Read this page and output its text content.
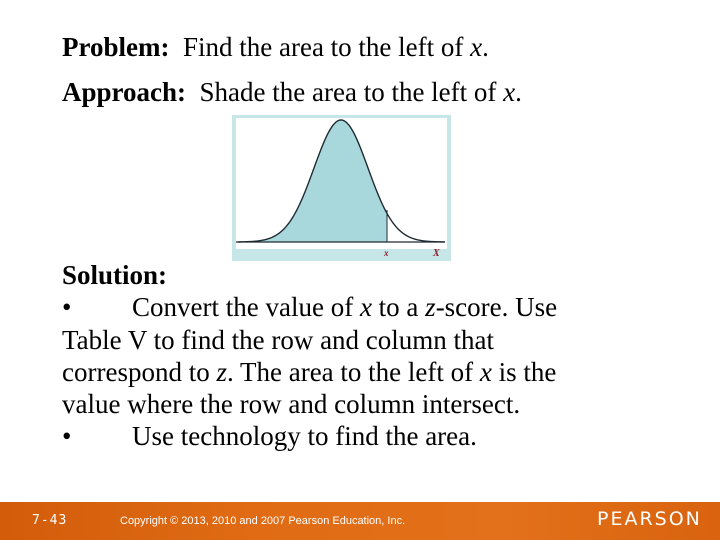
Problem: Find the area to the left of x.
Approach: Shade the area to the left of x.
x	X
Solution:
• Convert the value of x to a z-score. Use
Table V to find the row and column that
correspond to z. The area to the left of x is the
value where the row and column intersect.
• Use technology to find the area.
7-43	Copyright © 2013, 2010 and 2007 Pearson Education, Inc.	PEARSON
